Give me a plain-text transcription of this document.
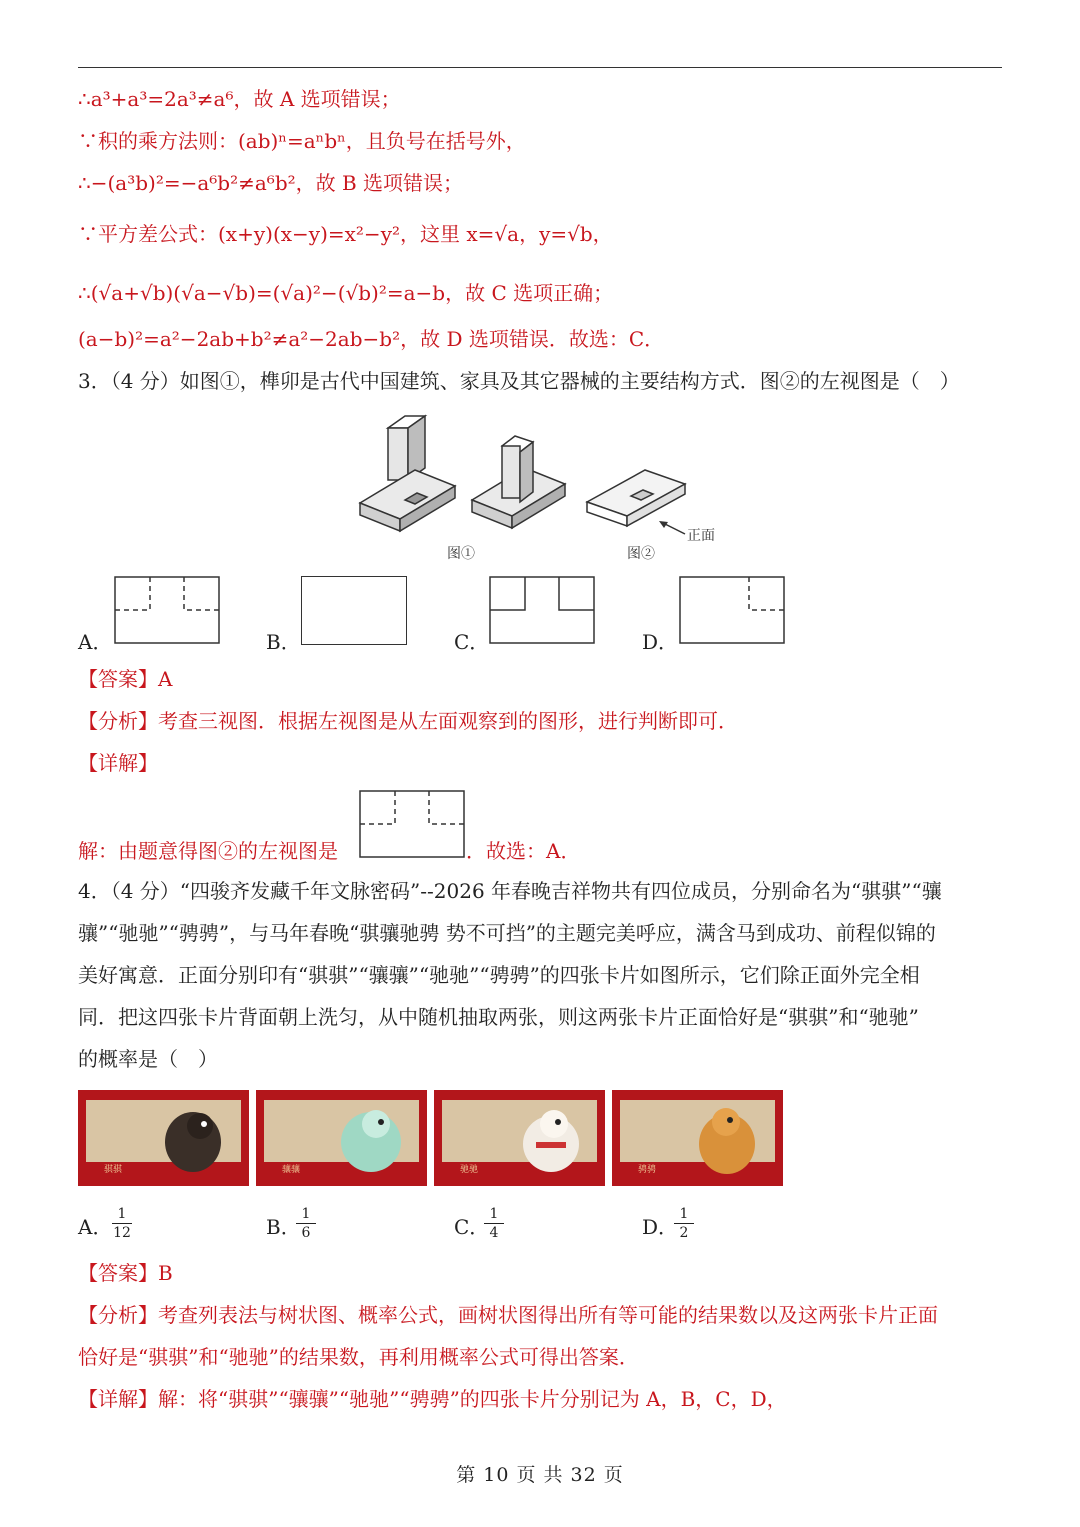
∴a³+a³=2a³≠a⁶，故 A 选项错误；
∵积的乘方法则：(ab)ⁿ=aⁿbⁿ，且负号在括号外，
∴−(a³b)²=−a⁶b²≠a⁶b²，故 B 选项错误；
∵平方差公式：(x+y)(x−y)=x²−y²，这里 x=√a，y=√b，
∴(√a+√b)(√a−√b)=(√a)²−(√b)²=a−b，故 C 选项正确；
(a−b)²=a²−2ab+b²≠a²−2ab−b²，故 D 选项错误．故选：C．
3．（4 分）如图①，榫卯是古代中国建筑、家具及其它器械的主要结构方式．图②的左视图是（　）
图①	图②
正面
A．	B．	C．	D．
【答案】A
【分析】考查三视图．根据左视图是从左面观察到的图形，进行判断即可．
【详解】
解：由题意得图②的左视图是	．故选：A．
4．（4 分）“四骏齐发藏千年文脉密码”--2026 年春晚吉祥物共有四位成员，分别命名为“骐骐”“骧
骧”“驰驰”“骋骋”，与马年春晚“骐骧驰骋 势不可挡”的主题完美呼应，满含马到成功、前程似锦的
美好寓意．正面分别印有“骐骐”“骧骧”“驰驰”“骋骋”的四张卡片如图所示，它们除正面外完全相
同．把这四张卡片背面朝上洗匀，从中随机抽取两张，则这两张卡片正面恰好是“骐骐”和“驰驰”
的概率是（　）
骐骐	骧骧	驰驰	骋骋
A．
1
12	B．
1
6	C．
1
4	D．
1
2
【答案】B
【分析】考查列表法与树状图、概率公式，画树状图得出所有等可能的结果数以及这两张卡片正面
恰好是“骐骐”和“驰驰”的结果数，再利用概率公式可得出答案．
【详解】解：将“骐骐”“骧骧”“驰驰”“骋骋”的四张卡片分别记为 A，B，C，D，
第 10 页 共 32 页
